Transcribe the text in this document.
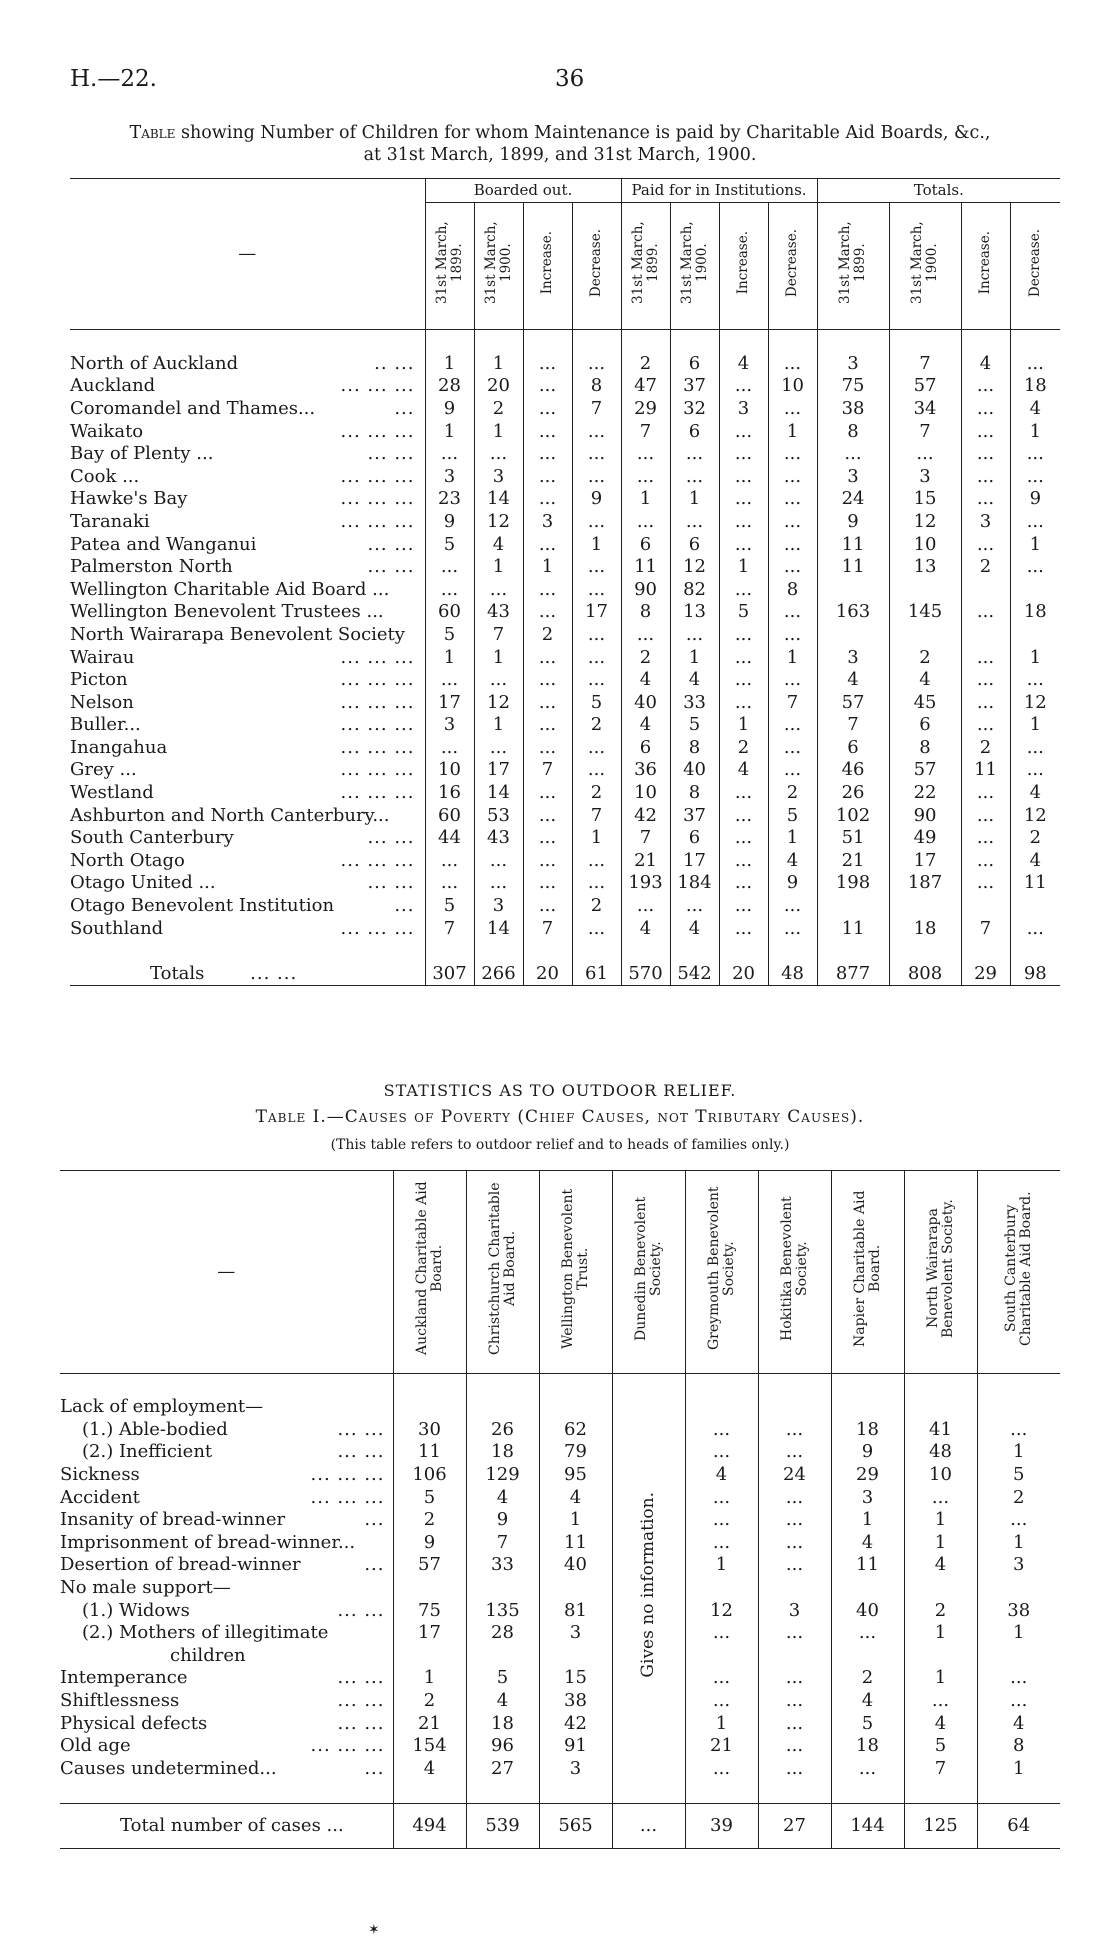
H.—22.	36
Table showing Number of Children for whom Maintenance is paid by Charitable Aid Boards, &c.,
at 31st March, 1899, and 31st March, 1900.
—	Boarded out.				Paid for in Institutions.				Totals.			
	31st March, 1899.	31st March, 1900.	Increase.	Decrease.	31st March, 1899.	31st March, 1900.	Increase.	Decrease.	31st March, 1899.	31st March, 1900.	Increase.	Decrease.

North of Auckland .. ...	1	1	...	...	2	6	4	...	3	7	4	...
Auckland ... ... ...	28	20	...	8	47	37	...	10	75	57	...	18
Coromandel and Thames... ...	9	2	...	7	29	32	3	...	38	34	...	4
Waikato ... ... ...	1	1	...	...	7	6	...	1	8	7	...	1
Bay of Plenty ... ... ...	...	...	...	...	...	...	...	...	...	...	...	...
Cook ... ... ... ...	3	3	...	...	...	...	...	...	3	3	...	...
Hawke's Bay ... ... ...	23	14	...	9	1	1	...	...	24	15	...	9
Taranaki ... ... ...	9	12	3	...	...	...	...	...	9	12	3	...
Patea and Wanganui ... ...	5	4	...	1	6	6	...	...	11	10	...	1
Palmerston North ... ...	...	1	1	...	11	12	1	...	11	13	2	...
Wellington Charitable Aid Board ...	...	...	...	...	90	82	...	8				
Wellington Benevolent Trustees ...	60	43	...	17	8	13	5	...	163	145	...	18
North Wairarapa Benevolent Society	5	7	2	...	...	...	...	...				
Wairau ... ... ...	1	1	...	...	2	1	...	1	3	2	...	1
Picton ... ... ...	...	...	...	...	4	4	...	...	4	4	...	...
Nelson ... ... ...	17	12	...	5	40	33	...	7	57	45	...	12
Buller... ... ... ...	3	1	...	2	4	5	1	...	7	6	...	1
Inangahua ... ... ...	...	...	...	...	6	8	2	...	6	8	2	...
Grey ... ... ... ...	10	17	7	...	36	40	4	...	46	57	11	...
Westland ... ... ...	16	14	...	2	10	8	...	2	26	22	...	4
Ashburton and North Canterbury...	60	53	...	7	42	37	...	5	102	90	...	12
South Canterbury ... ...	44	43	...	1	7	6	...	1	51	49	...	2
North Otago ... ... ...	...	...	...	...	21	17	...	4	21	17	...	4
Otago United ... ... ...	...	...	...	...	193	184	...	9	198	187	...	11
Otago Benevolent Institution ...	5	3	...	2	...	...	...	...				
Southland ... ... ...	7	14	7	...	4	4	...	...	11	18	7	...

Totals ... ...	307	266	20	61	570	542	20	48	877	808	29	98
STATISTICS AS TO OUTDOOR RELIEF.
Table I.—Causes of Poverty (Chief Causes, not Tributary Causes).
(This table refers to outdoor relief and to heads of families only.)
—	Auckland Charitable Aid Board.	Christchurch Charitable Aid Board.	Wellington Benevolent Trust.	Dunedin Benevolent Society.	Greymouth Benevolent Society.	Hokitika Benevolent Society.	Napier Charitable Aid Board.	North Wairarapa Benevolent Society.	South Canterbury Charitable Aid Board.

Lack of employment—				Gives no information.					
(1.) Able-bodied ... ...	30	26	62		...	...	18	41	...
(2.) Inefficient ... ...	11	18	79		...	...	9	48	1
Sickness ... ... ...	106	129	95		4	24	29	10	5
Accident ... ... ...	5	4	4		...	...	3	...	2
Insanity of bread-winner ...	2	9	1		...	...	1	1	...
Imprisonment of bread-winner...	9	7	11		...	...	4	1	1
Desertion of bread-winner ...	57	33	40		1	...	11	4	3
No male support—	

(1.) Widows ... ...	75	135	81		12	3	40	2	38
(2.) Mothers of illegitimate	17	28	3		...	...	...	1	1
children	

Intemperance ... ...	1	5	15		...	...	2	1	...
Shiftlessness ... ...	2	4	38		...	...	4	...	...
Physical defects ... ...	21	18	42		1	...	5	4	4
Old age ... ... ...	154	96	91		21	...	18	5	8
Causes undetermined... ...	4	27	3		...	...	...	7	1

Total number of cases ...	494	539	565	...	39	27	144	125	64
✶
